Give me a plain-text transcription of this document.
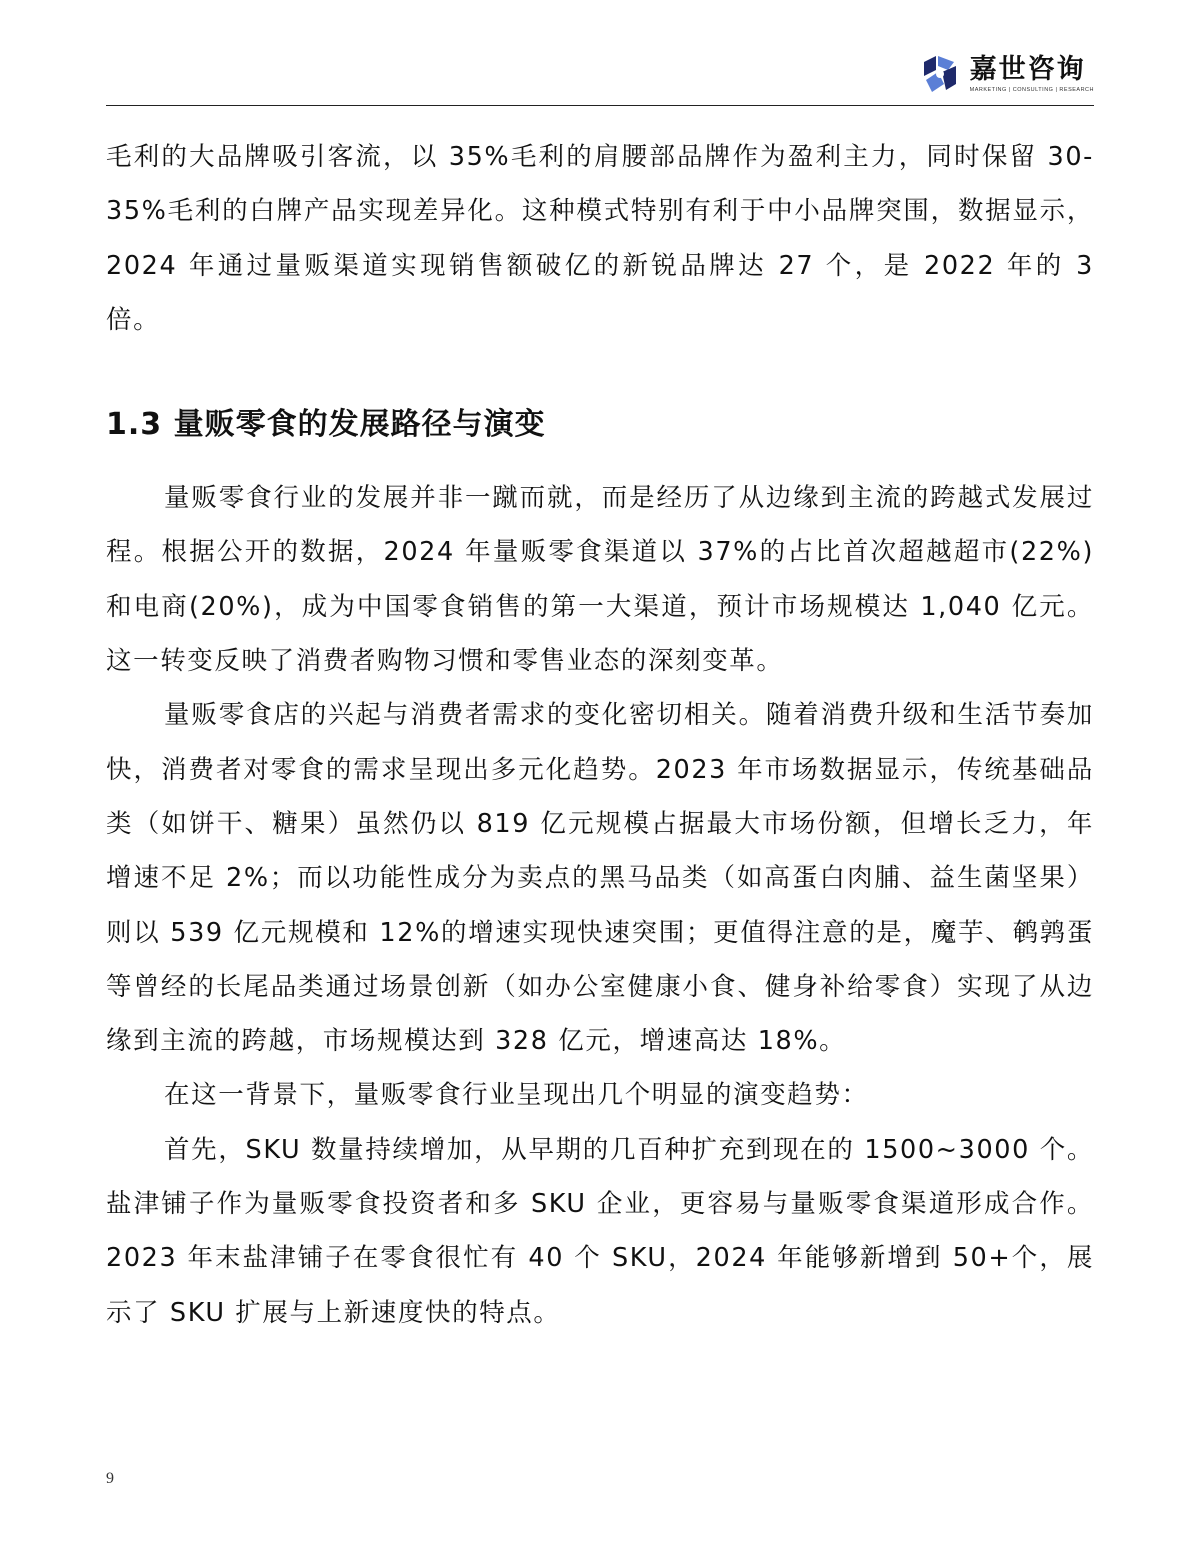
嘉世咨询
MARKETING | CONSULTING | RESEARCH

毛利的大品牌吸引客流，以 35%毛利的肩腰部品牌作为盈利主力，同时保留 30-35%毛利的白牌产品实现差异化。这种模式特别有利于中小品牌突围，数据显示，2024 年通过量贩渠道实现销售额破亿的新锐品牌达 27 个，是 2022 年的 3 倍。

1.3 量贩零食的发展路径与演变

量贩零食行业的发展并非一蹴而就，而是经历了从边缘到主流的跨越式发展过程。根据公开的数据，2024 年量贩零食渠道以 37%的占比首次超越超市(22%)和电商(20%)，成为中国零食销售的第一大渠道，预计市场规模达 1,040 亿元。这一转变反映了消费者购物习惯和零售业态的深刻变革。

量贩零食店的兴起与消费者需求的变化密切相关。随着消费升级和生活节奏加快，消费者对零食的需求呈现出多元化趋势。2023 年市场数据显示，传统基础品类（如饼干、糖果）虽然仍以 819 亿元规模占据最大市场份额，但增长乏力，年增速不足 2%；而以功能性成分为卖点的黑马品类（如高蛋白肉脯、益生菌坚果）则以 539 亿元规模和 12%的增速实现快速突围；更值得注意的是，魔芋、鹌鹑蛋等曾经的长尾品类通过场景创新（如办公室健康小食、健身补给零食）实现了从边缘到主流的跨越，市场规模达到 328 亿元，增速高达 18%。

在这一背景下，量贩零食行业呈现出几个明显的演变趋势：

首先，SKU 数量持续增加，从早期的几百种扩充到现在的 1500~3000 个。盐津铺子作为量贩零食投资者和多 SKU 企业，更容易与量贩零食渠道形成合作。2023 年末盐津铺子在零食很忙有 40 个 SKU，2024 年能够新增到 50+个，展示了 SKU 扩展与上新速度快的特点。

9
